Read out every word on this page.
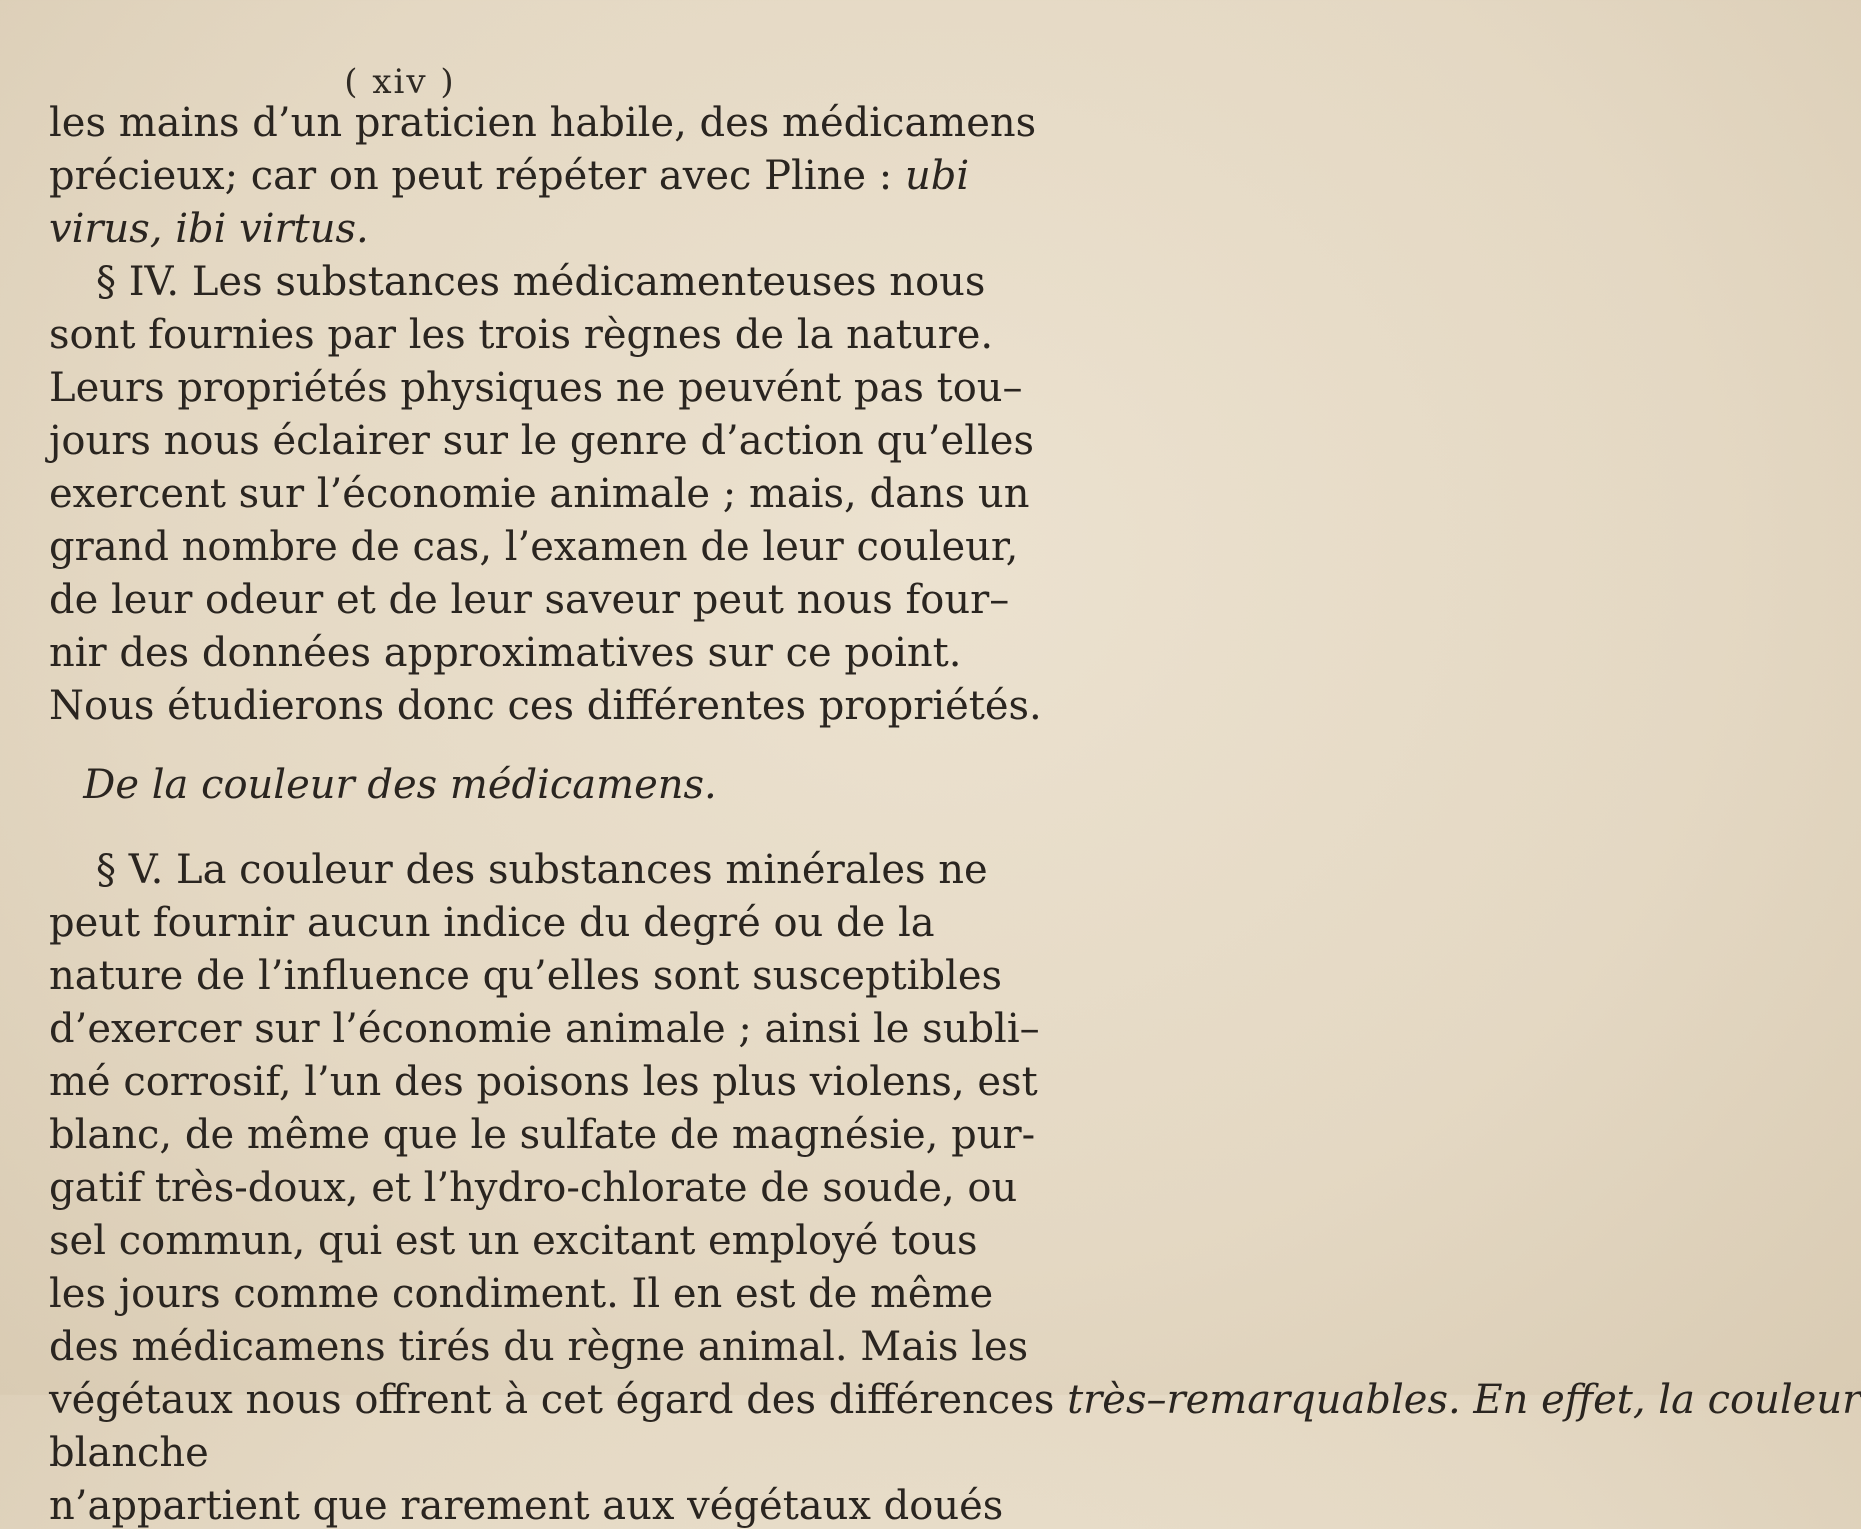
( xiv )
les mains d’un praticien habile, des médicamens
précieux; car on peut répéter avec Pline : ubi
virus, ibi virtus.
§ IV. Les substances médicamenteuses nous
sont fournies par les trois règnes de la nature.
Leurs propriétés physiques ne peuvént pas tou–
jours nous éclairer sur le genre d’action qu’elles
exercent sur l’économie animale ; mais, dans un
grand nombre de cas, l’examen de leur couleur,
de leur odeur et de leur saveur peut nous four–
nir des données approximatives sur ce point.
Nous étudierons donc ces différentes propriétés.
De la couleur des médicamens.
§ V. La couleur des substances minérales ne
peut fournir aucun indice du degré ou de la
nature de l’influence qu’elles sont susceptibles
d’exercer sur l’économie animale ; ainsi le subli–
mé corrosif, l’un des poisons les plus violens, est
blanc, de même que le sulfate de magnésie, pur-
gatif très-doux, et l’hydro-chlorate de soude, ou
sel commun, qui est un excitant employé tous
les jours comme condiment. Il en est de même
des médicamens tirés du règne animal. Mais les
végétaux nous offrent à cet égard des différences très–remarquables. En effet, la couleur
blanche
n’appartient que rarement aux végétaux doués
